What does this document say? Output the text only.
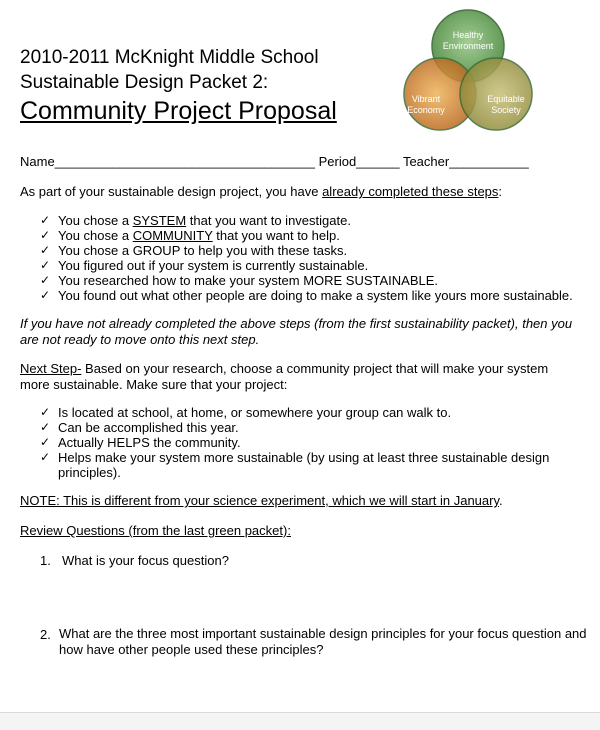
2010-2011 McKnight Middle School
Sustainable Design Packet 2:
Community Project Proposal
Healthy
Environment
Vibrant
Economy
Equitable
Society
Name____________________________________ Period______ Teacher___________
As part of your sustainable design project, you have already completed these steps:
✓ You chose a SYSTEM that you want to investigate.
✓ You chose a COMMUNITY that you want to help.
✓ You chose a GROUP to help you with these tasks.
✓ You figured out if your system is currently sustainable.
✓ You researched how to make your system MORE SUSTAINABLE.
✓ You found out what other people are doing to make a system like yours more sustainable.
If you have not already completed the above steps (from the first sustainability packet), then you are not ready to move onto this next step.
Next Step- Based on your research, choose a community project that will make your system more sustainable. Make sure that your project:
✓ Is located at school, at home, or somewhere your group can walk to.
✓ Can be accomplished this year.
✓ Actually HELPS the community.
✓ Helps make your system more sustainable (by using at least three sustainable design principles).
NOTE: This is different from your science experiment, which we will start in January.
Review Questions (from the last green packet):
1. What is your focus question?
2. What are the three most important sustainable design principles for your focus question and how have other people used these principles?
